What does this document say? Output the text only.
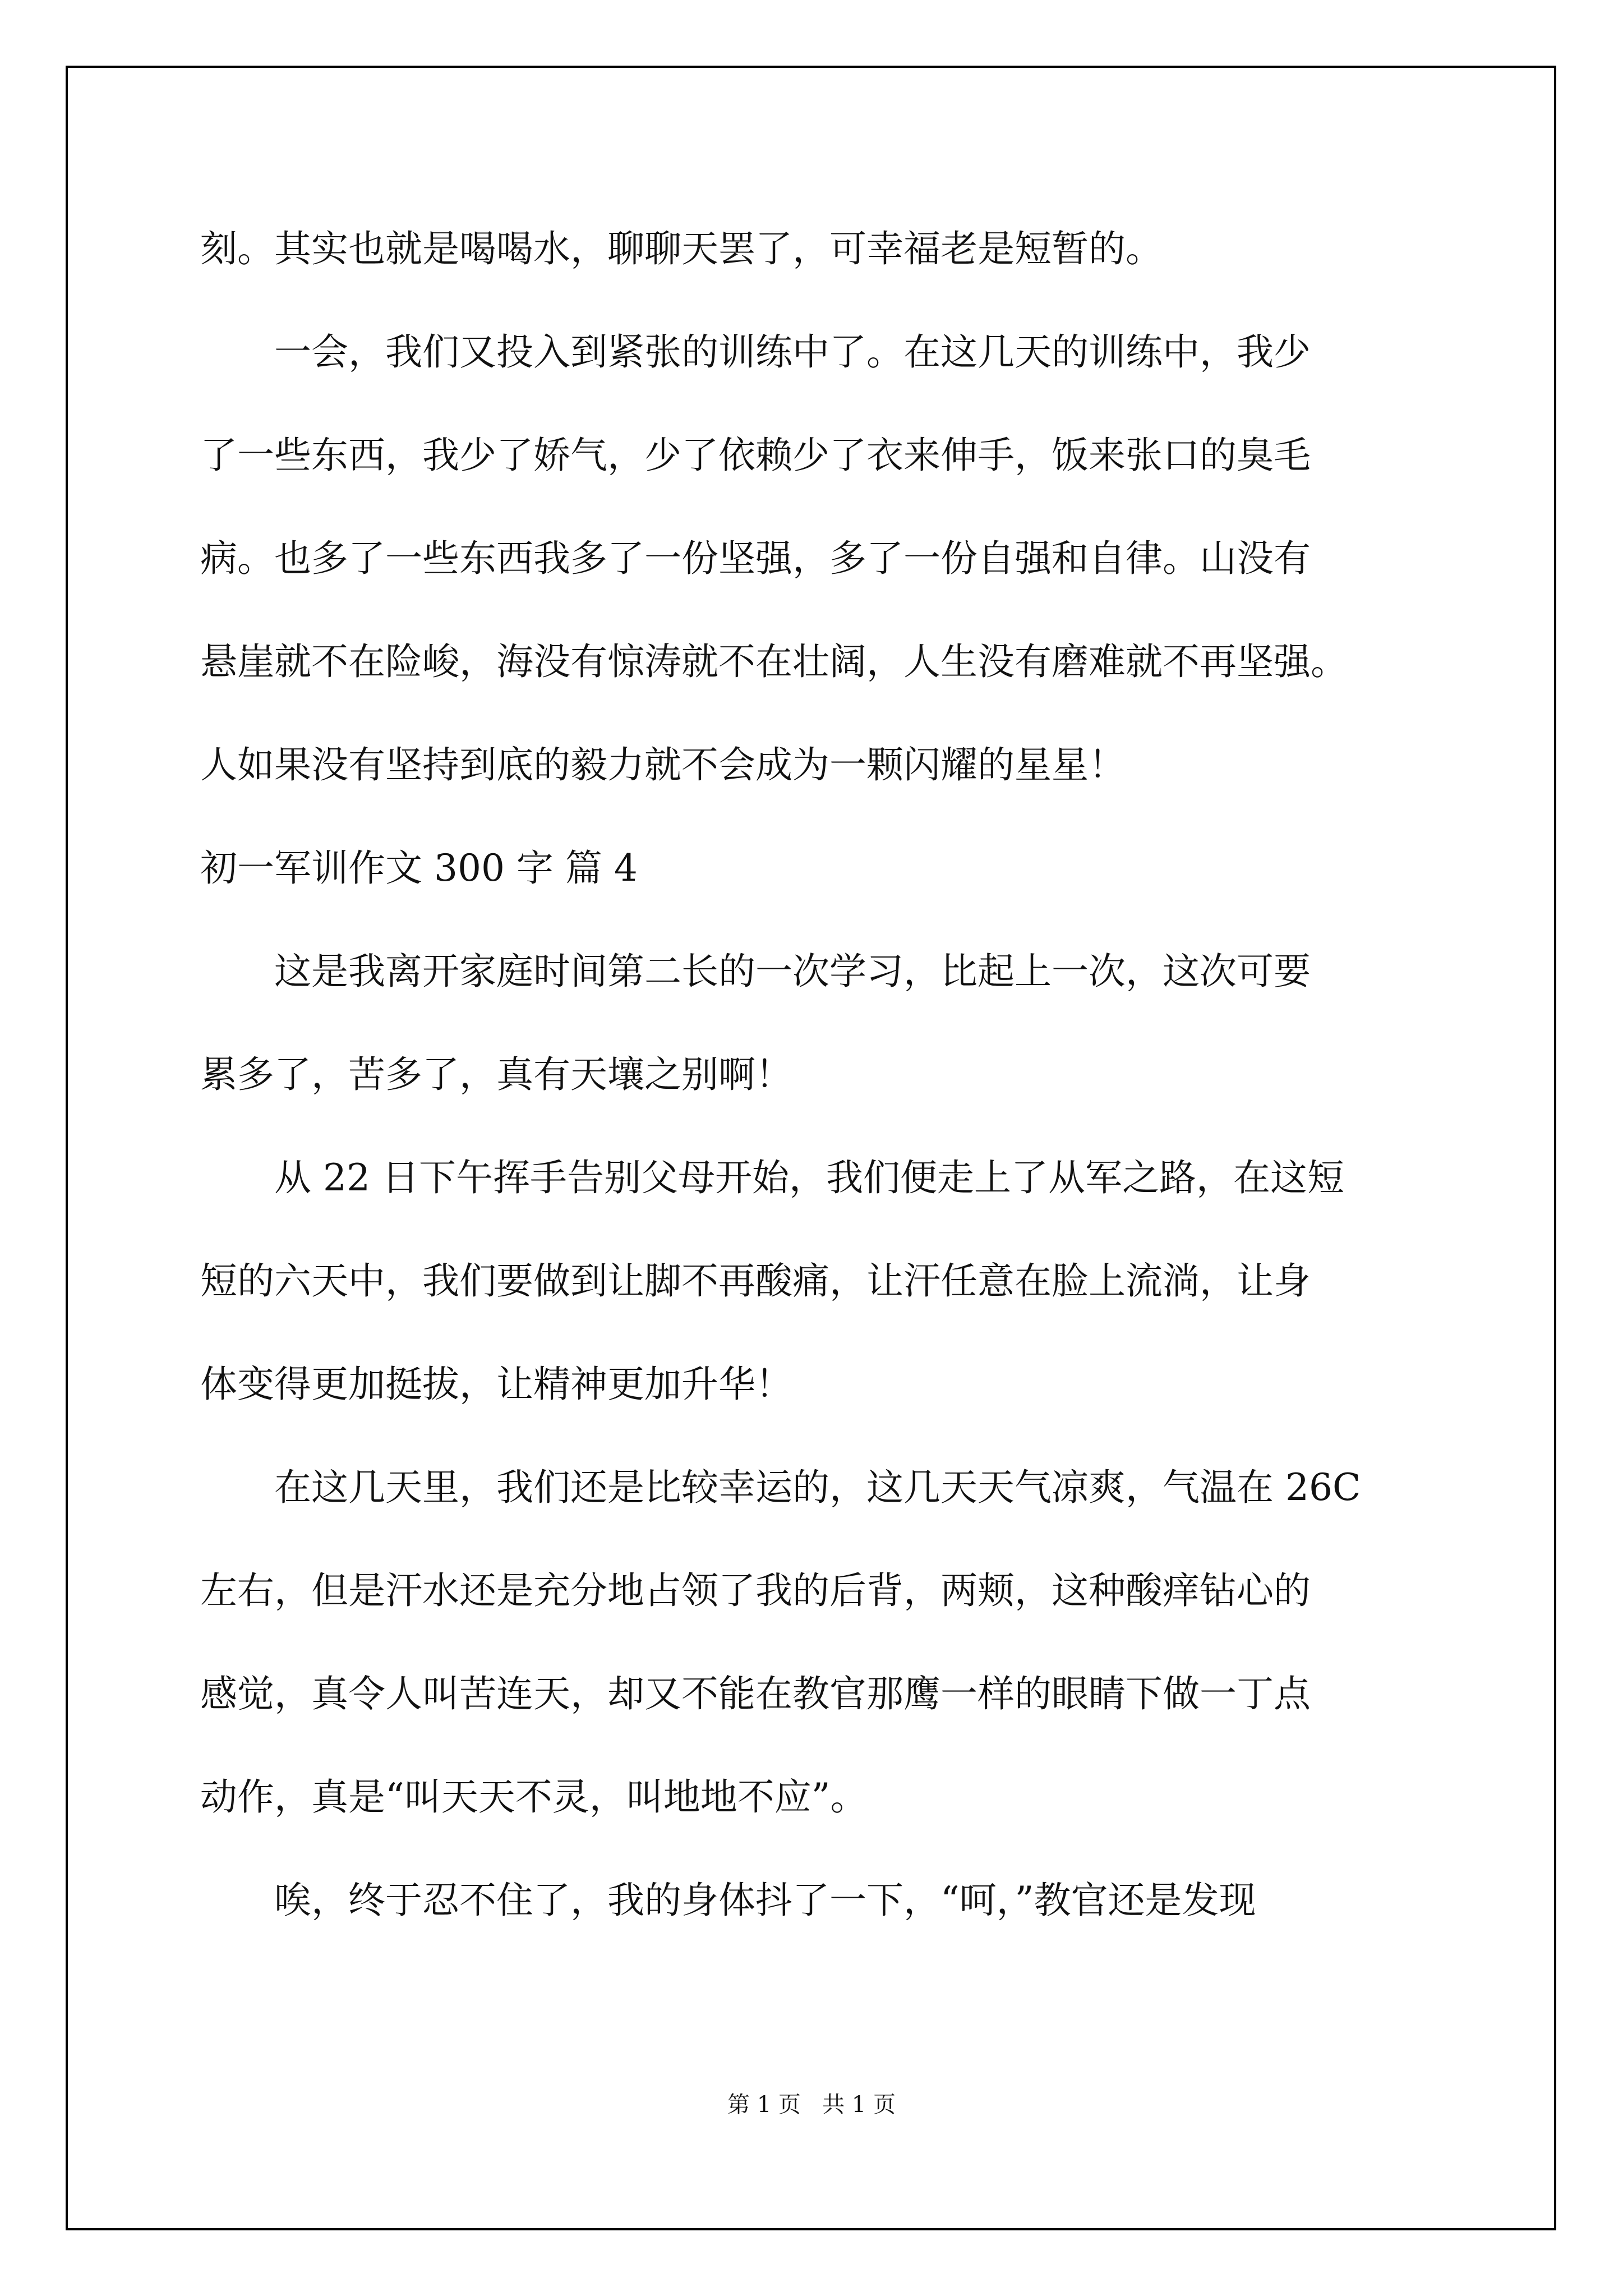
刻。其实也就是喝喝水，聊聊天罢了，可幸福老是短暂的。
　　一会，我们又投入到紧张的训练中了。在这几天的训练中，我少
了一些东西，我少了娇气，少了依赖少了衣来伸手，饭来张口的臭毛
病。也多了一些东西我多了一份坚强，多了一份自强和自律。山没有
悬崖就不在险峻，海没有惊涛就不在壮阔，人生没有磨难就不再坚强。
人如果没有坚持到底的毅力就不会成为一颗闪耀的星星！
初一军训作文 300 字 篇 4
　　这是我离开家庭时间第二长的一次学习，比起上一次，这次可要
累多了，苦多了，真有天壤之别啊！
　　从 22 日下午挥手告别父母开始，我们便走上了从军之路，在这短
短的六天中，我们要做到让脚不再酸痛，让汗任意在脸上流淌，让身
体变得更加挺拔，让精神更加升华！
　　在这几天里，我们还是比较幸运的，这几天天气凉爽，气温在 26C
左右，但是汗水还是充分地占领了我的后背，两颊，这种酸痒钻心的
感觉，真令人叫苦连天，却又不能在教官那鹰一样的眼睛下做一丁点
动作，真是“叫天天不灵，叫地地不应”。
　　唉，终于忍不住了，我的身体抖了一下，“呵，”教官还是发现
第 1 页   共 1 页
